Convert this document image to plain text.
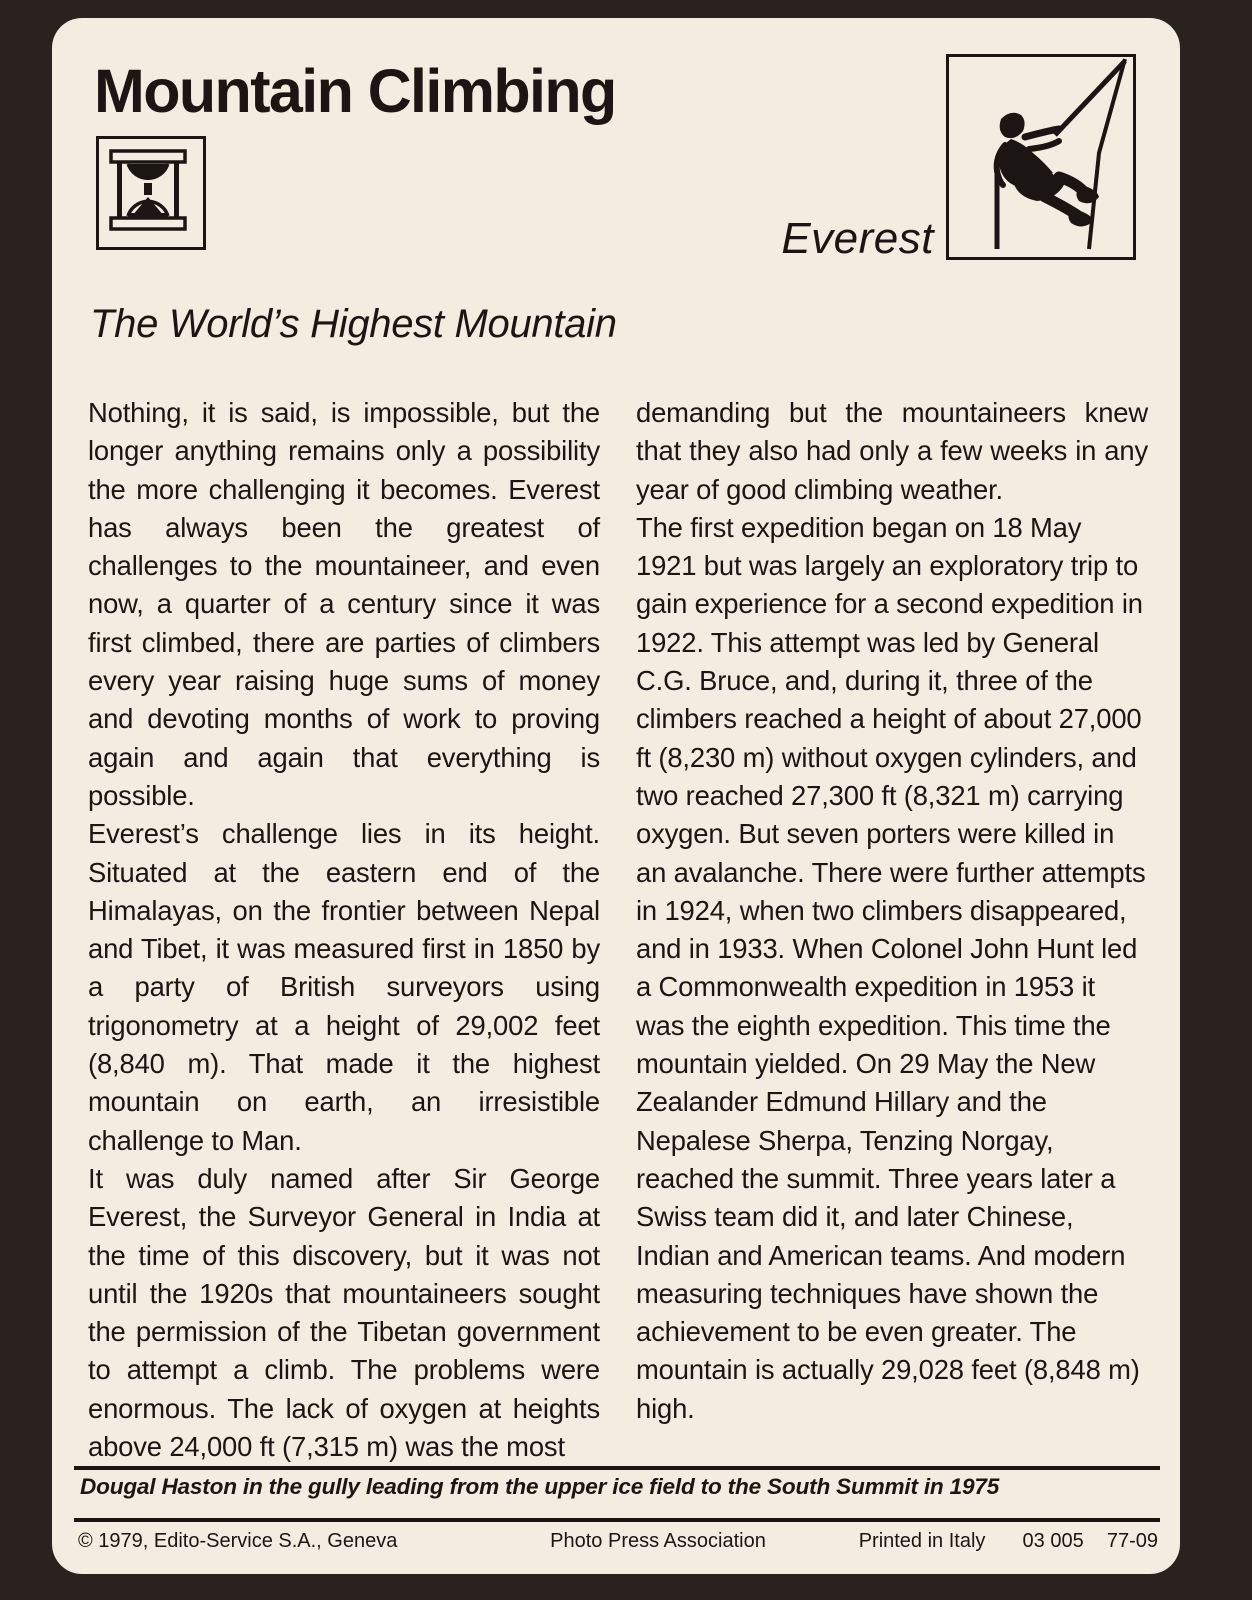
Mountain Climbing
Everest
The World’s Highest Mountain

Nothing, it is said, is impossible, but the longer anything remains only a possibility the more challenging it becomes. Everest has always been the greatest of challenges to the mountaineer, and even now, a quarter of a century since it was first climbed, there are parties of climbers every year raising huge sums of money and devoting months of work to proving again and again that everything is possible.

Everest’s challenge lies in its height. Situated at the eastern end of the Himalayas, on the frontier between Nepal and Tibet, it was measured first in 1850 by a party of British surveyors using trigonometry at a height of 29,002 feet (8,840 m). That made it the highest mountain on earth, an irresistible challenge to Man.

It was duly named after Sir George Everest, the Surveyor General in India at the time of this discovery, but it was not until the 1920s that mountaineers sought the permission of the Tibetan government to attempt a climb. The problems were enormous. The lack of oxygen at heights above 24,000 ft (7,315 m) was the most

demanding but the mountaineers knew that they also had only a few weeks in any year of good climbing weather.

The first expedition began on 18 May 1921 but was largely an exploratory trip to gain experience for a second expedition in 1922. This attempt was led by General C.G. Bruce, and, during it, three of the climbers reached a height of about 27,000 ft (8,230 m) without oxygen cylinders, and two reached 27,300 ft (8,321 m) carrying oxygen. But seven porters were killed in an avalanche. There were further attempts in 1924, when two climbers disappeared, and in 1933. When Colonel John Hunt led a Commonwealth expedition in 1953 it was the eighth expedition. This time the mountain yielded. On 29 May the New Zealander Edmund Hillary and the Nepalese Sherpa, Tenzing Norgay, reached the summit. Three years later a Swiss team did it, and later Chinese, Indian and American teams. And modern measuring techniques have shown the achievement to be even greater. The mountain is actually 29,028 feet (8,848 m) high.

Dougal Haston in the gully leading from the upper ice field to the South Summit in 1975
© 1979, Edito-Service S.A., Geneva	Photo Press Association	Printed in Italy 03 005 77-09
